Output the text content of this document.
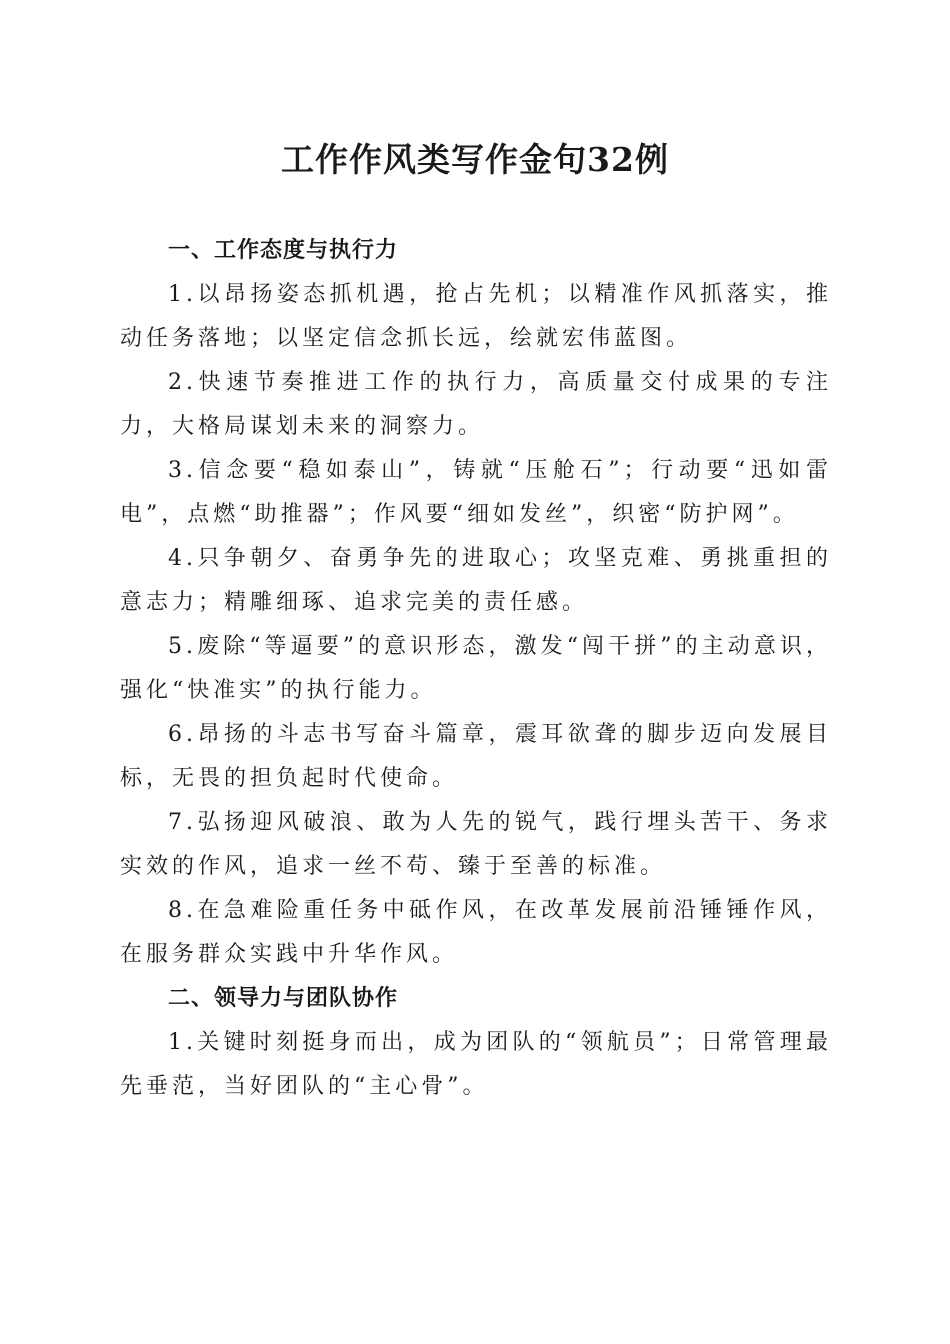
工作作风类写作金句32例
一、工作态度与执行力

1.以昂扬姿态抓机遇，抢占先机；以精准作风抓落实，推动任务落地；以坚定信念抓长远，绘就宏伟蓝图。

2.快速节奏推进工作的执行力，高质量交付成果的专注力，大格局谋划未来的洞察力。

3.信念要“稳如泰山”，铸就“压舱石”；行动要“迅如雷电”，点燃“助推器”；作风要“细如发丝”，织密“防护网”。

4.只争朝夕、奋勇争先的进取心；攻坚克难、勇挑重担的意志力；精雕细琢、追求完美的责任感。

5.废除“等逼要”的意识形态，激发“闯干拼”的主动意识，强化“快准实”的执行能力。

6.昂扬的斗志书写奋斗篇章，震耳欲聋的脚步迈向发展目标，无畏的担负起时代使命。

7.弘扬迎风破浪、敢为人先的锐气，践行埋头苦干、务求实效的作风，追求一丝不苟、臻于至善的标准。

8.在急难险重任务中砥作风，在改革发展前沿锤锤作风，在服务群众实践中升华作风。

二、领导力与团队协作

1.关键时刻挺身而出，成为团队的“领航员”；日常管理最先垂范，当好团队的“主心骨”。
